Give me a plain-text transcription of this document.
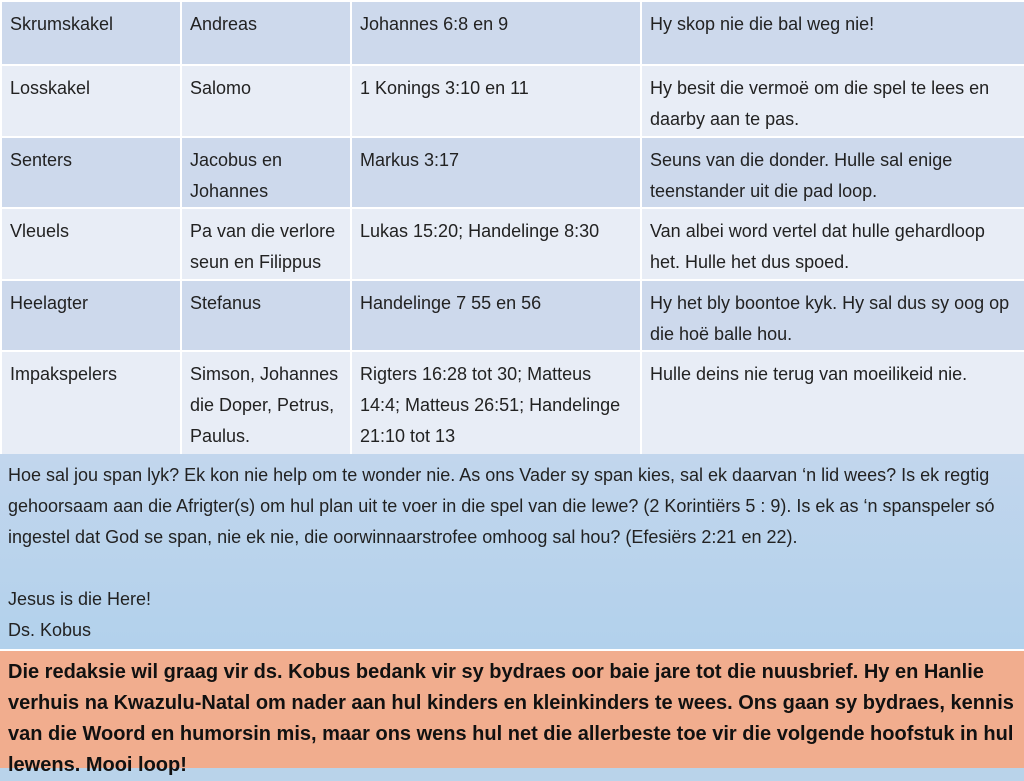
Skrumskakel	Andreas	Johannes 6:8 en 9	Hy skop nie die bal weg nie!
Losskakel	Salomo	1 Konings 3:10 en 11	Hy besit die vermoë om die spel te lees en daarby aan te pas.
Senters	Jacobus en Johannes	Markus 3:17	Seuns van die donder. Hulle sal enige teenstander uit die pad loop.
Vleuels	Pa van die verlore seun en Filippus	Lukas 15:20; Handelinge 8:30	Van albei word vertel dat hulle gehardloop het. Hulle het dus spoed.
Heelagter	Stefanus	Handelinge 7 55 en 56	Hy het bly boontoe kyk. Hy sal dus sy oog op die hoë balle hou.
Impakspelers	Simson, Johannes die Doper, Petrus, Paulus.	Rigters 16:28 tot 30; Matteus 14:4; Matteus 26:51; Handelinge 21:10 tot 13	Hulle deins nie terug van moeilikeid nie.

Hoe sal jou span lyk? Ek kon nie help om te wonder nie. As ons Vader sy span kies, sal ek daarvan ‘n lid wees? Is ek regtig gehoorsaam aan die Afrigter(s) om hul plan uit te voer in die spel van die lewe? (2 Korintiërs 5 : 9). Is ek as ‘n spanspeler só ingestel dat God se span, nie ek nie, die oorwinnaarstrofee omhoog sal hou? (Efesiërs 2:21 en 22).

Jesus is die Here!

Ds. Kobus

Die redaksie wil graag vir ds. Kobus bedank vir sy bydraes oor baie jare tot die nuusbrief. Hy en Hanlie verhuis na Kwazulu-Natal om nader aan hul kinders en kleinkinders te wees. Ons gaan sy bydraes, kennis van die Woord en humorsin mis, maar ons wens hul net die allerbeste toe vir die volgende hoofstuk in hul lewens. Mooi loop!
